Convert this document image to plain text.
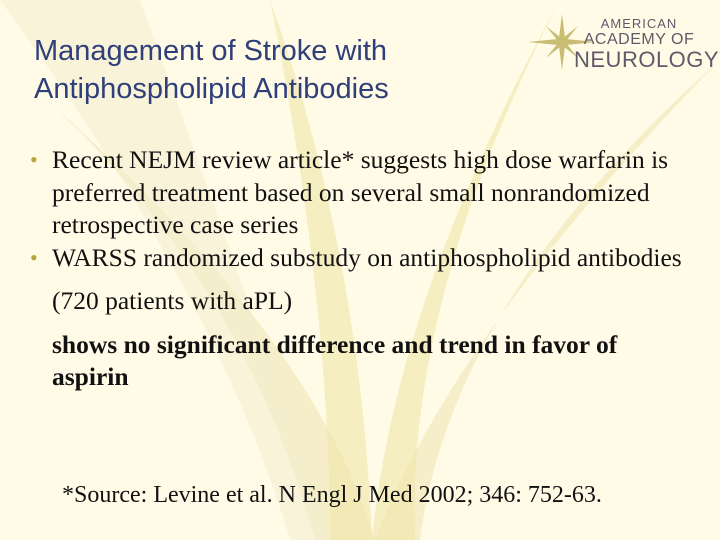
Management of Stroke with
Antiphospholipid Antibodies
AMERICAN
ACADEMY OF
NEUROLOGY
• Recent NEJM review article* suggests high dose warfarin is preferred treatment based on several small nonrandomized retrospective case series
• WARSS randomized substudy on antiphospholipid antibodies
(720 patients with aPL)
shows no significant difference and trend in favor of aspirin
*Source: Levine et al. N Engl J Med 2002; 346: 752-63.
